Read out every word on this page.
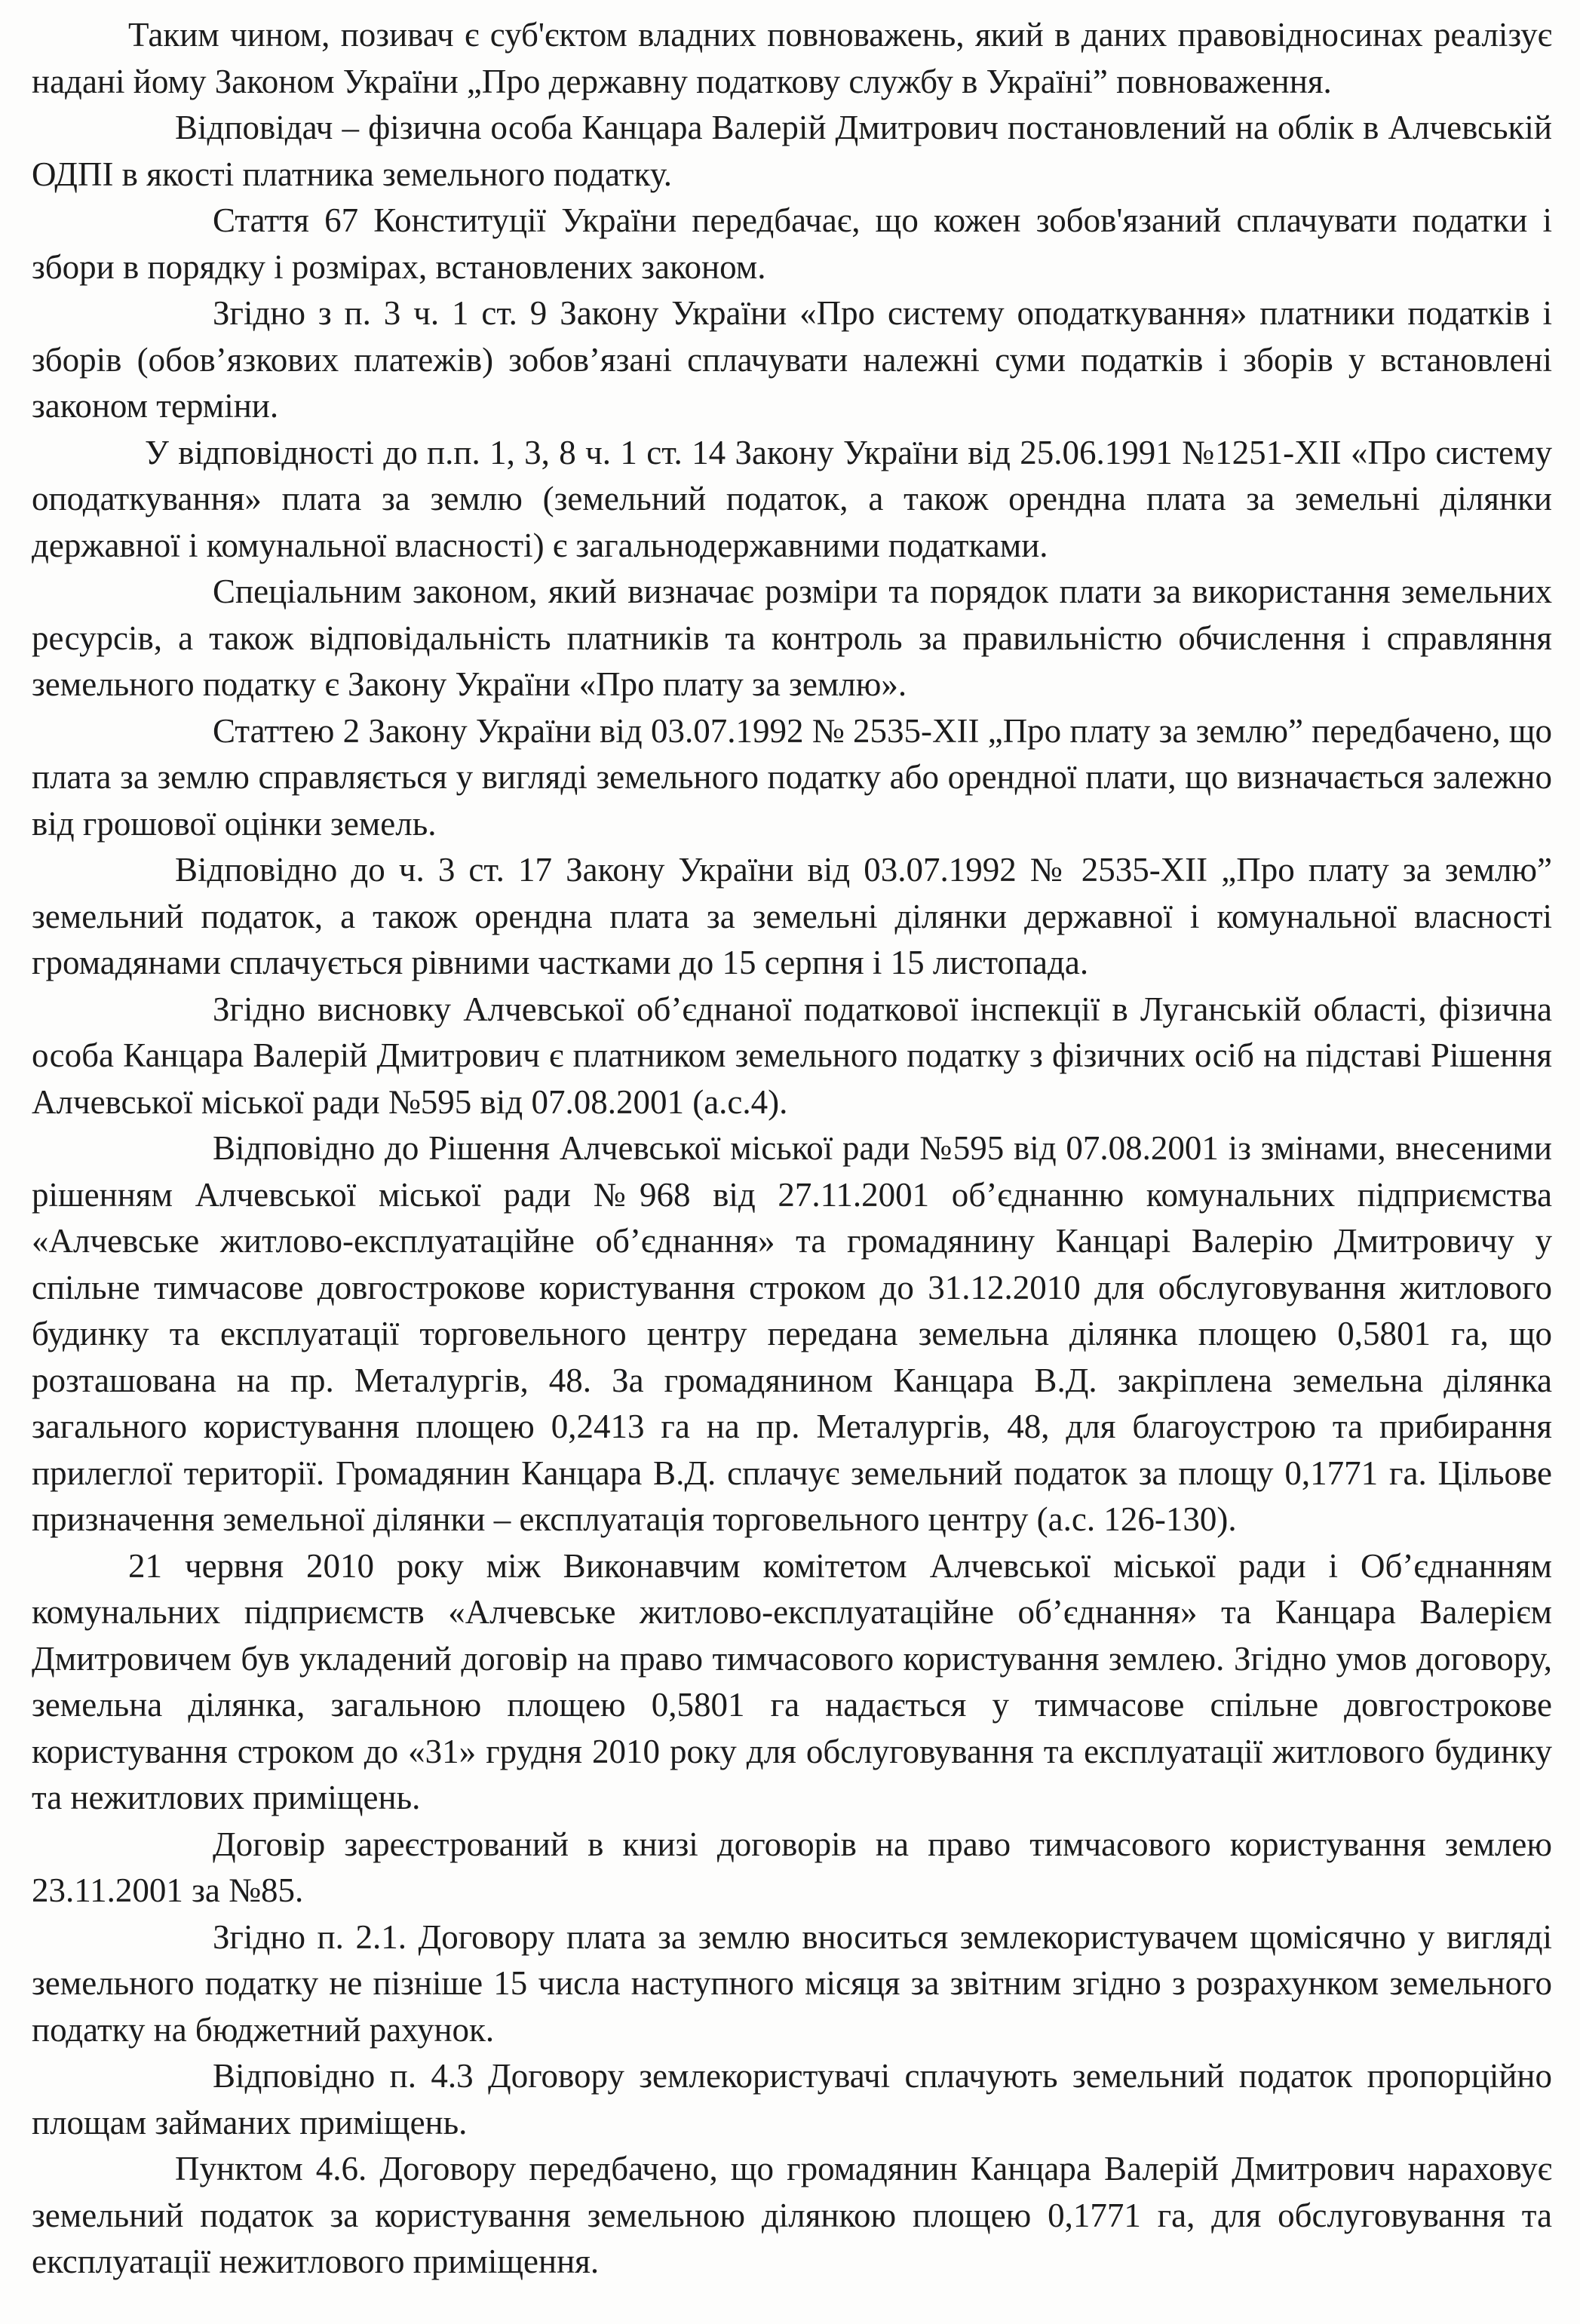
Таким чином, позивач є суб'єктом владних повноважень, який в даних правовідносинах реалізує надані йому Законом України „Про державну податкову службу в Україні” повноваження.

Відповідач – фізична особа Канцара Валерій Дмитрович постановлений на облік в Алчевській ОДПІ в якості платника земельного податку.

Стаття 67 Конституції України передбачає, що кожен зобов'язаний сплачувати податки і збори в порядку і розмірах, встановлених законом.

Згідно з п. 3 ч. 1 ст. 9 Закону України «Про систему оподаткування» платники податків і зборів (обов’язкових платежів) зобов’язані сплачувати належні суми податків і зборів у встановлені законом терміни.

У відповідності до п.п. 1, 3, 8 ч. 1 ст. 14 Закону України від 25.06.1991 №1251-ХІІ «Про систему оподаткування» плата за землю (земельний податок, а також орендна плата за земельні ділянки державної і комунальної власності) є загальнодержавними податками.

Спеціальним законом, який визначає розміри та порядок плати за використання земельних ресурсів, а також відповідальність платників та контроль за правильністю обчислення і справляння земельного податку є Закону України «Про плату за землю».

Статтею 2 Закону України від 03.07.1992 № 2535-ХІІ „Про плату за землю” передбачено, що плата за землю справляється у вигляді земельного податку або орендної плати, що визначається залежно від грошової оцінки земель.

Відповідно до ч. 3 ст. 17 Закону України від 03.07.1992 № 2535-ХІІ „Про плату за землю” земельний податок, а також орендна плата за земельні ділянки державної і комунальної власності громадянами сплачується рівними частками до 15 серпня і 15 листопада.

Згідно висновку Алчевської об’єднаної податкової інспекції в Луганській області, фізична особа Канцара Валерій Дмитрович є платником земельного податку з фізичних осіб на підставі Рішення Алчевської міської ради №595 від 07.08.2001 (а.с.4).

Відповідно до Рішення Алчевської міської ради №595 від 07.08.2001 із змінами, внесеними рішенням Алчевської міської ради №968 від 27.11.2001 об’єднанню комунальних підприємства «Алчевське житлово-експлуатаційне об’єднання» та громадянину Канцарі Валерію Дмитровичу у спільне тимчасове довгострокове користування строком до 31.12.2010 для обслуговування житлового будинку та експлуатації торговельного центру передана земельна ділянка площею 0,5801 га, що розташована на пр. Металургів, 48. За громадянином Канцара В.Д. закріплена земельна ділянка загального користування площею 0,2413 га на пр. Металургів, 48, для благоустрою та прибирання прилеглої території. Громадянин Канцара В.Д. сплачує земельний податок за площу 0,1771 га. Цільове призначення земельної ділянки – експлуатація торговельного центру (а.с. 126-130).

21 червня 2010 року між Виконавчим комітетом Алчевської міської ради і Об’єднанням комунальних підприємств «Алчевське житлово-експлуатаційне об’єднання» та Канцара Валерієм Дмитровичем був укладений договір на право тимчасового користування землею. Згідно умов договору, земельна ділянка, загальною площею 0,5801 га надається у тимчасове спільне довгострокове користування строком до «31» грудня 2010 року для обслуговування та експлуатації житлового будинку та нежитлових приміщень.

Договір зареєстрований в книзі договорів на право тимчасового користування землею 23.11.2001 за №85.

Згідно п. 2.1. Договору плата за землю вноситься землекористувачем щомісячно у вигляді земельного податку не пізніше 15 числа наступного місяця за звітним згідно з розрахунком земельного податку на бюджетний рахунок.

Відповідно п. 4.3 Договору землекористувачі сплачують земельний податок пропорційно площам займаних приміщень.

Пунктом 4.6. Договору передбачено, що громадянин Канцара Валерій Дмитрович нараховує земельний податок за користування земельною ділянкою площею 0,1771 га, для обслуговування та експлуатації нежитлового приміщення.
